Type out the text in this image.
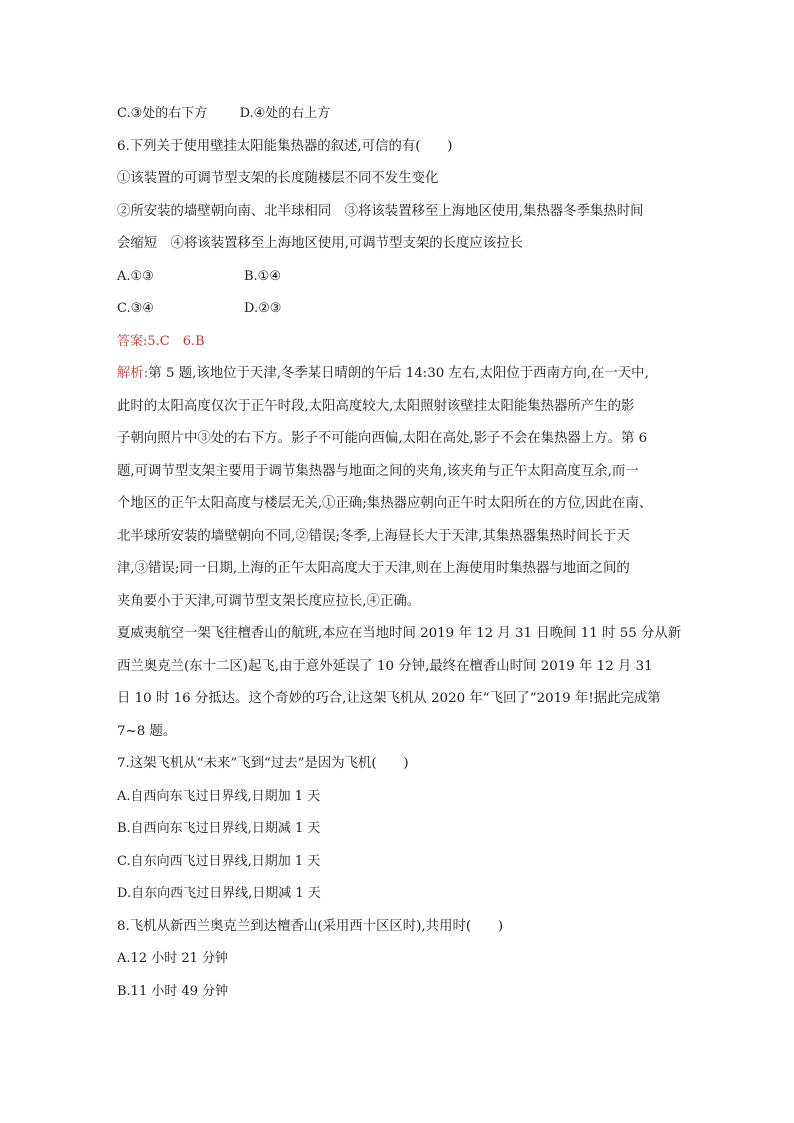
C.③处的右下方 D.④处的右上方
6.下列关于使用壁挂太阳能集热器的叙述,可信的有(　　)
①该装置的可调节型支架的长度随楼层不同不发生变化
②所安装的墙壁朝向南、北半球相同　③将该装置移至上海地区使用,集热器冬季集热时间
会缩短　④将该装置移至上海地区使用,可调节型支架的长度应该拉长
A.①③	B.①④
C.③④	D.②③
答案:5.C　6.B
解析:第 5 题,该地位于天津,冬季某日晴朗的午后 14:30 左右,太阳位于西南方向,在一天中,
此时的太阳高度仅次于正午时段,太阳高度较大,太阳照射该壁挂太阳能集热器所产生的影
子朝向照片中③处的右下方。影子不可能向西偏,太阳在高处,影子不会在集热器上方。第 6
题,可调节型支架主要用于调节集热器与地面之间的夹角,该夹角与正午太阳高度互余,而一
个地区的正午太阳高度与楼层无关,①正确;集热器应朝向正午时太阳所在的方位,因此在南、
北半球所安装的墙壁朝向不同,②错误;冬季,上海昼长大于天津,其集热器集热时间长于天
津,③错误;同一日期,上海的正午太阳高度大于天津,则在上海使用时集热器与地面之间的
夹角要小于天津,可调节型支架长度应拉长,④正确。
夏威夷航空一架飞往檀香山的航班,本应在当地时间 2019 年 12 月 31 日晚间 11 时 55 分从新
西兰奥克兰(东十二区)起飞,由于意外延误了 10 分钟,最终在檀香山时间 2019 年 12 月 31
日 10 时 16 分抵达。这个奇妙的巧合,让这架飞机从 2020 年“飞回了”2019 年!据此完成第
7~8 题。
7.这架飞机从“未来”飞到“过去”是因为飞机(　　)
A.自西向东飞过日界线,日期加 1 天
B.自西向东飞过日界线,日期减 1 天
C.自东向西飞过日界线,日期加 1 天
D.自东向西飞过日界线,日期减 1 天
8.飞机从新西兰奥克兰到达檀香山(采用西十区区时),共用时(　　)
A.12 小时 21 分钟
B.11 小时 49 分钟
